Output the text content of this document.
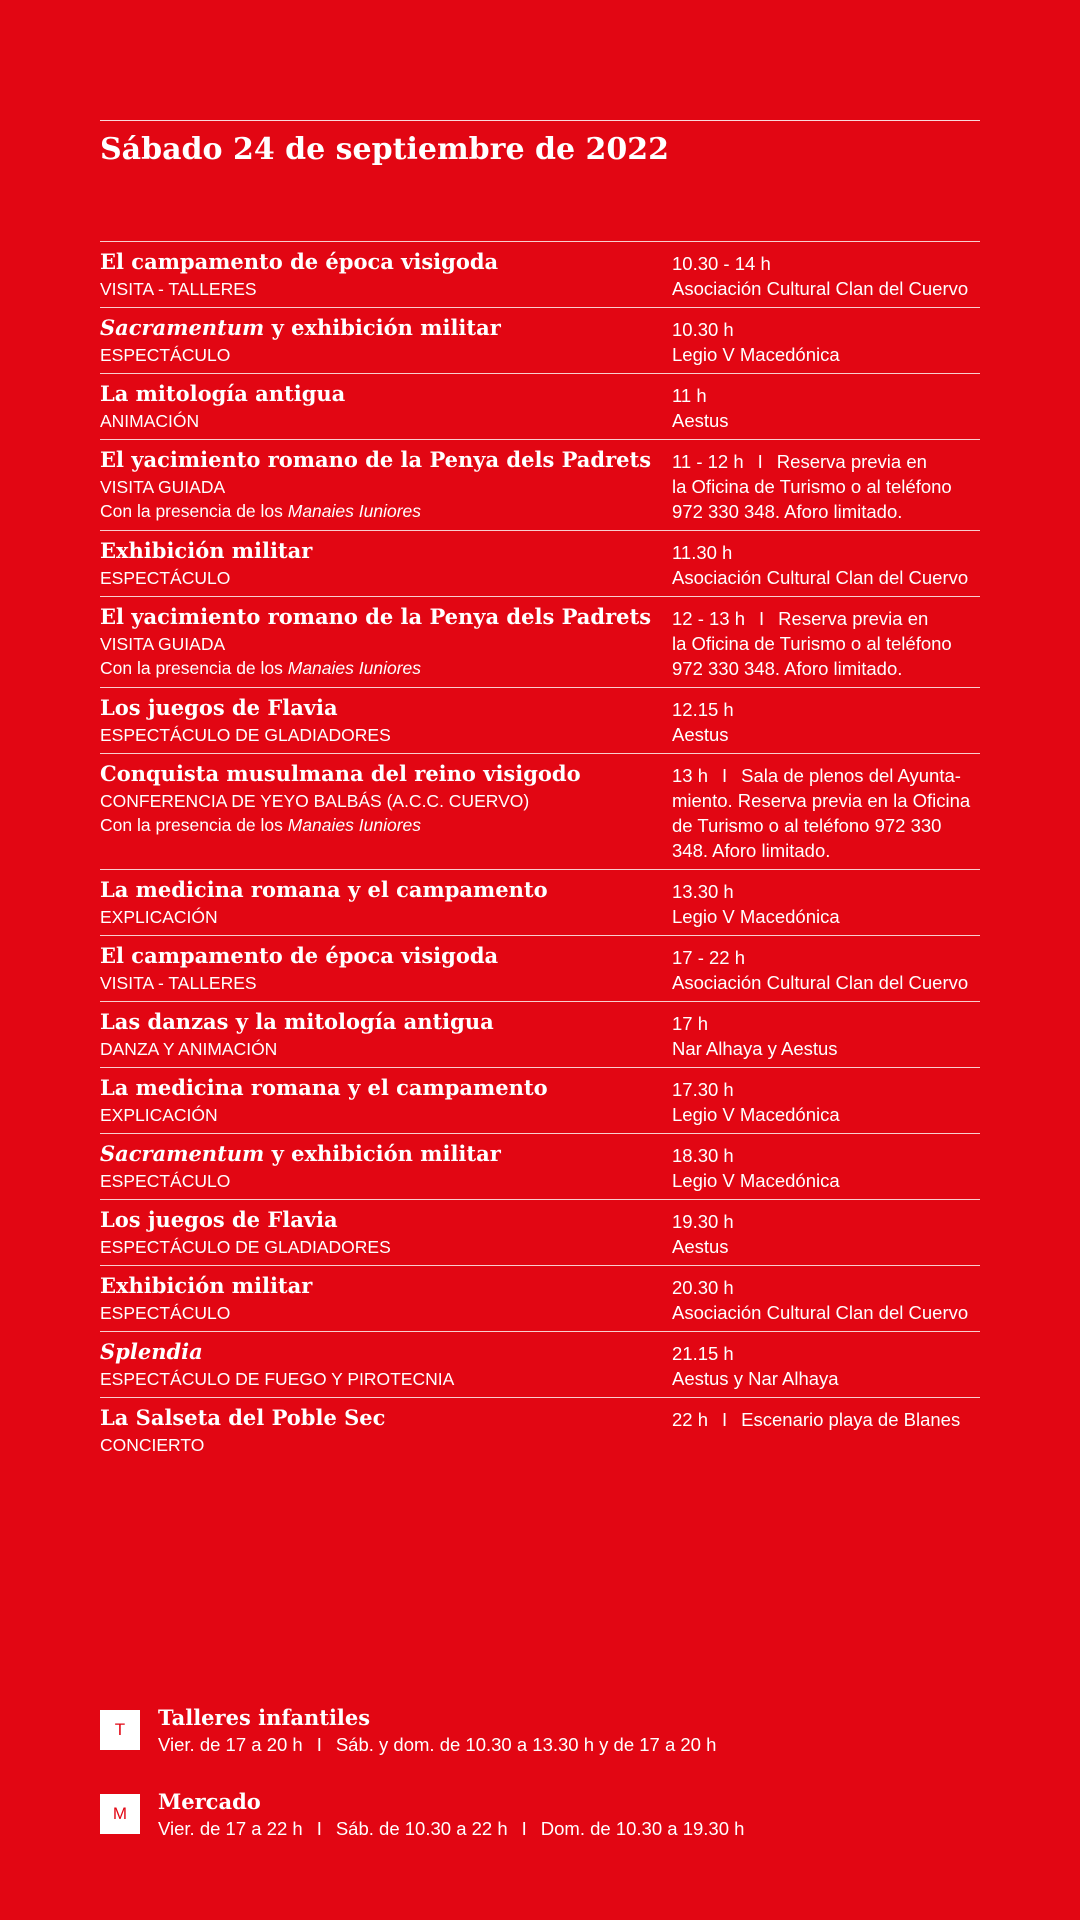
Sábado 24 de septiembre de 2022
El campamento de época visigoda
VISITA - TALLERES
10.30 - 14 h
Asociación Cultural Clan del Cuervo
Sacramentum y exhibición militar
ESPECTÁCULO
10.30 h
Legio V Macedónica
La mitología antigua
ANIMACIÓN
11 h
Aestus
El yacimiento romano de la Penya dels Padrets
VISITA GUIADA
Con la presencia de los Manaies Iuniores
11 - 12 h I Reserva previa en
la Oficina de Turismo o al teléfono 972 330 348. Aforo limitado.
Exhibición militar
ESPECTÁCULO
11.30 h
Asociación Cultural Clan del Cuervo
El yacimiento romano de la Penya dels Padrets
VISITA GUIADA
Con la presencia de los Manaies Iuniores
12 - 13 h I Reserva previa en
la Oficina de Turismo o al teléfono 972 330 348. Aforo limitado.
Los juegos de Flavia
ESPECTÁCULO DE GLADIADORES
12.15 h
Aestus
Conquista musulmana del reino visigodo
CONFERENCIA DE YEYO BALBÁS (A.C.C. CUERVO)
Con la presencia de los Manaies Iuniores
13 h I Sala de plenos del Ayunta-
miento. Reserva previa en la Oficina de Turismo o al teléfono 972 330 348. Aforo limitado.
La medicina romana y el campamento
EXPLICACIÓN
13.30 h
Legio V Macedónica
El campamento de época visigoda
VISITA - TALLERES
17 - 22 h
Asociación Cultural Clan del Cuervo
Las danzas y la mitología antigua
DANZA Y ANIMACIÓN
17 h
Nar Alhaya y Aestus
La medicina romana y el campamento
EXPLICACIÓN
17.30 h
Legio V Macedónica
Sacramentum y exhibición militar
ESPECTÁCULO
18.30 h
Legio V Macedónica
Los juegos de Flavia
ESPECTÁCULO DE GLADIADORES
19.30 h
Aestus
Exhibición militar
ESPECTÁCULO
20.30 h
Asociación Cultural Clan del Cuervo
Splendia
ESPECTÁCULO DE FUEGO Y PIROTECNIA
21.15 h
Aestus y Nar Alhaya
La Salseta del Poble Sec
CONCIERTO
22 h I Escenario playa de Blanes
T	Talleres infantiles
Vier. de 17 a 20 h I Sáb. y dom. de 10.30 a 13.30 h y de 17 a 20 h
M	Mercado
Vier. de 17 a 22 h I Sáb. de 10.30 a 22 h I Dom. de 10.30 a 19.30 h
